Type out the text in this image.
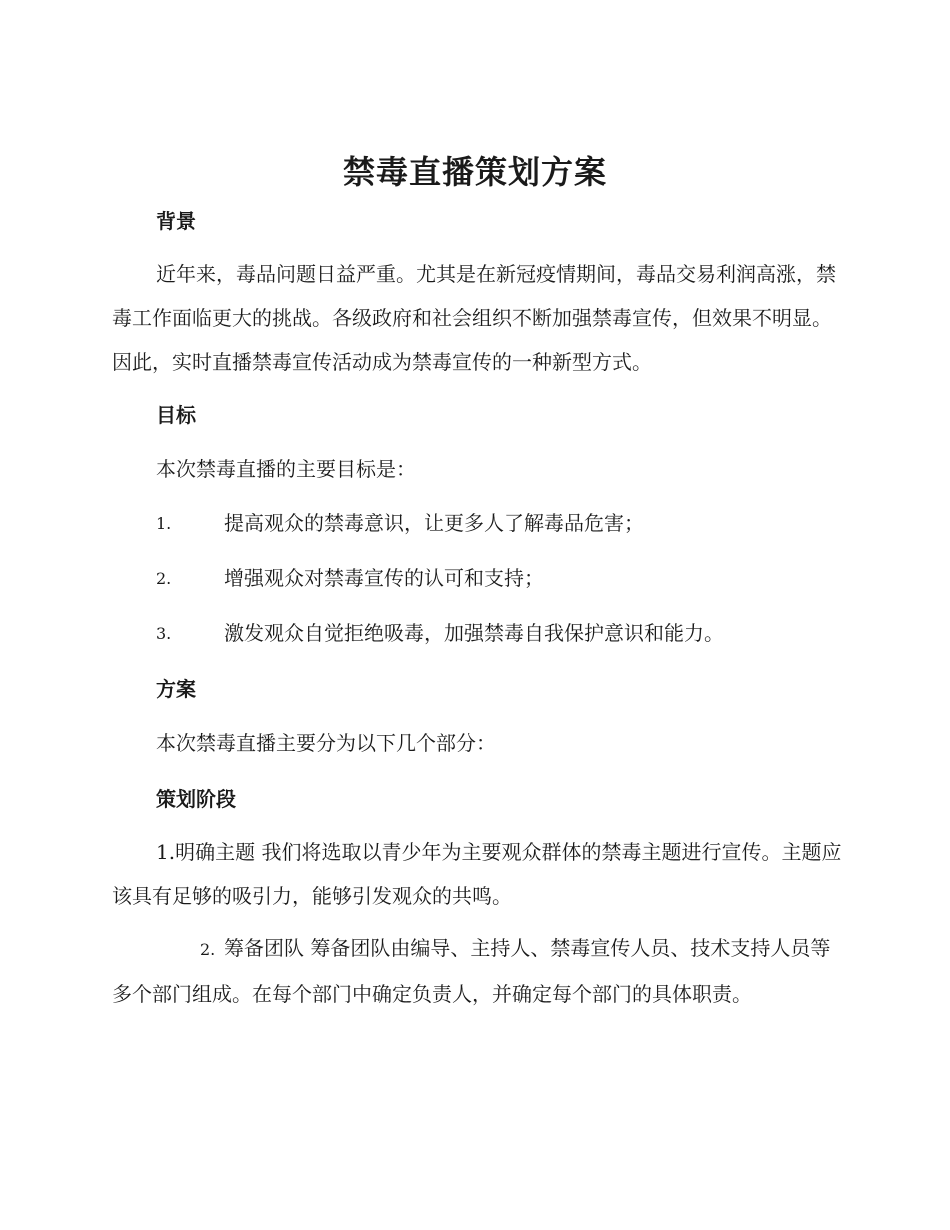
禁毒直播策划方案
背景

近年来，毒品问题日益严重。尤其是在新冠疫情期间，毒品交易利润高涨，禁毒工作面临更大的挑战。各级政府和社会组织不断加强禁毒宣传，但效果不明显。因此，实时直播禁毒宣传活动成为禁毒宣传的一种新型方式。

目标
本次禁毒直播的主要目标是：
1.	提高观众的禁毒意识，让更多人了解毒品危害；
2.	增强观众对禁毒宣传的认可和支持；
3.	激发观众自觉拒绝吸毒，加强禁毒自我保护意识和能力。
方案
本次禁毒直播主要分为以下几个部分：
策划阶段

1.明确主题 我们将选取以青少年为主要观众群体的禁毒主题进行宣传。主题应该具有足够的吸引力，能够引发观众的共鸣。

2. 筹备团队 筹备团队由编导、主持人、禁毒宣传人员、技术支持人员等多个部门组成。在每个部门中确定负责人，并确定每个部门的具体职责。
